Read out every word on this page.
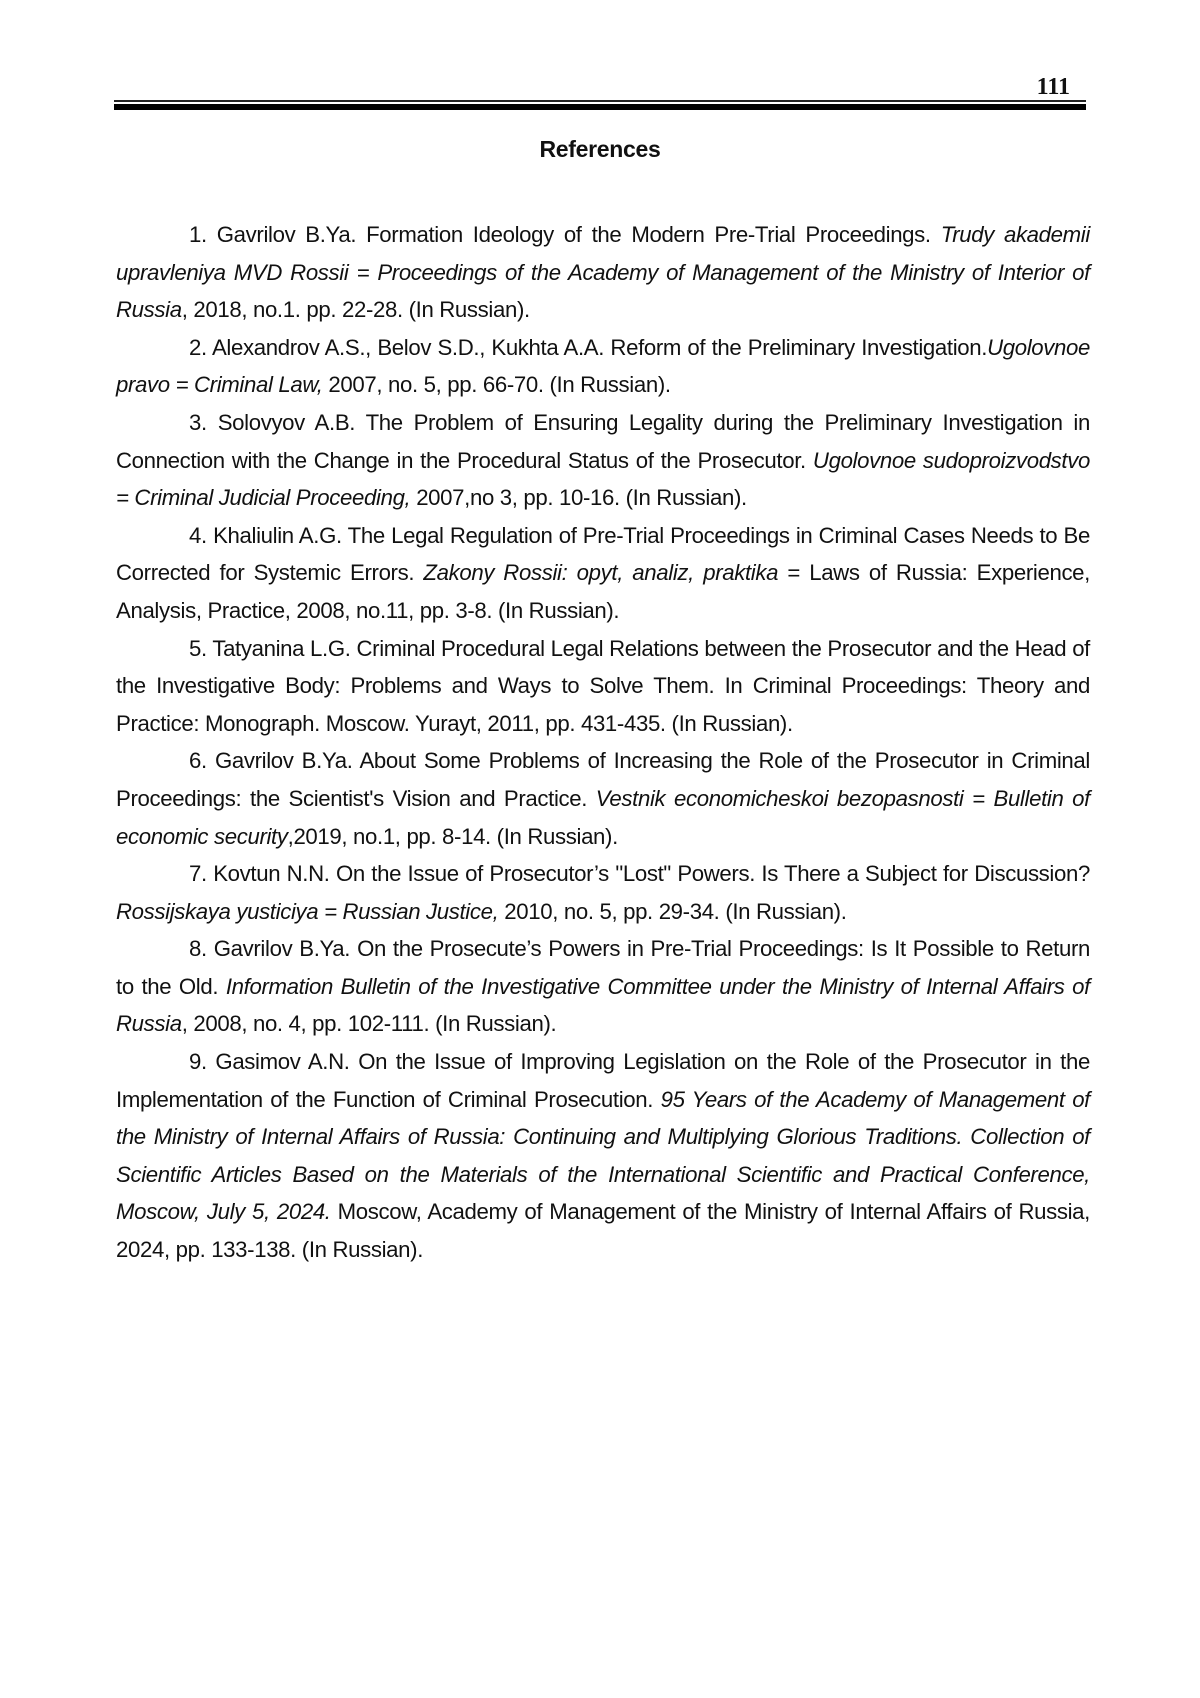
111
References

1. Gavrilov B.Ya. Formation Ideology of the Modern Pre-Trial Proceedings. Trudy akademii upravleniya MVD Rossii = Proceedings of the Academy of Management of the Ministry of Interior of Russia, 2018, no.1. pp. 22-28. (In Russian).

2. Alexandrov A.S., Belov S.D., Kukhta A.A. Reform of the Preliminary Investigation.Ugolovnoe pravo = Criminal Law, 2007, no. 5, pp. 66-70. (In Russian).

3. Solovyov A.B. The Problem of Ensuring Legality during the Preliminary Investigation in Connection with the Change in the Procedural Status of the Prosecutor. Ugolovnoe sudoproizvodstvo = Criminal Judicial Proceeding, 2007,no 3, pp. 10-16. (In Russian).

4. Khaliulin A.G. The Legal Regulation of Pre-Trial Proceedings in Criminal Cases Needs to Be Corrected for Systemic Errors. Zakony Rossii: opyt, analiz, praktika = Laws of Russia: Experience, Analysis, Practice, 2008, no.11, pp. 3-8. (In Russian).

5. Tatyanina L.G. Criminal Procedural Legal Relations between the Prosecutor and the Head of the Investigative Body: Problems and Ways to Solve Them. In Criminal Proceedings: Theory and Practice: Monograph. Moscow. Yurayt, 2011, pp. 431-435. (In Russian).

6. Gavrilov B.Ya. About Some Problems of Increasing the Role of the Prosecutor in Criminal Proceedings: the Scientist's Vision and Practice. Vestnik economicheskoi bezopasnosti = Bulletin of economic security,2019, no.1, pp. 8-14. (In Russian).

7. Kovtun N.N. On the Issue of Prosecutor’s "Lost" Powers. Is There a Subject for Discussion? Rossijskaya yusticiya = Russian Justice, 2010, no. 5, pp. 29-34. (In Russian).

8. Gavrilov B.Ya. On the Prosecute’s Powers in Pre-Trial Proceedings: Is It Possible to Return to the Old. Information Bulletin of the Investigative Committee under the Ministry of Internal Affairs of Russia, 2008, no. 4, pp. 102-111. (In Russian).

9. Gasimov A.N. On the Issue of Improving Legislation on the Role of the Prosecutor in the Implementation of the Function of Criminal Prosecution. 95 Years of the Academy of Management of the Ministry of Internal Affairs of Russia: Continuing and Multiplying Glorious Traditions. Collection of Scientific Articles Based on the Materials of the International Scientific and Practical Conference, Moscow, July 5, 2024. Moscow, Academy of Management of the Ministry of Internal Affairs of Russia, 2024, pp. 133-138. (In Russian).
